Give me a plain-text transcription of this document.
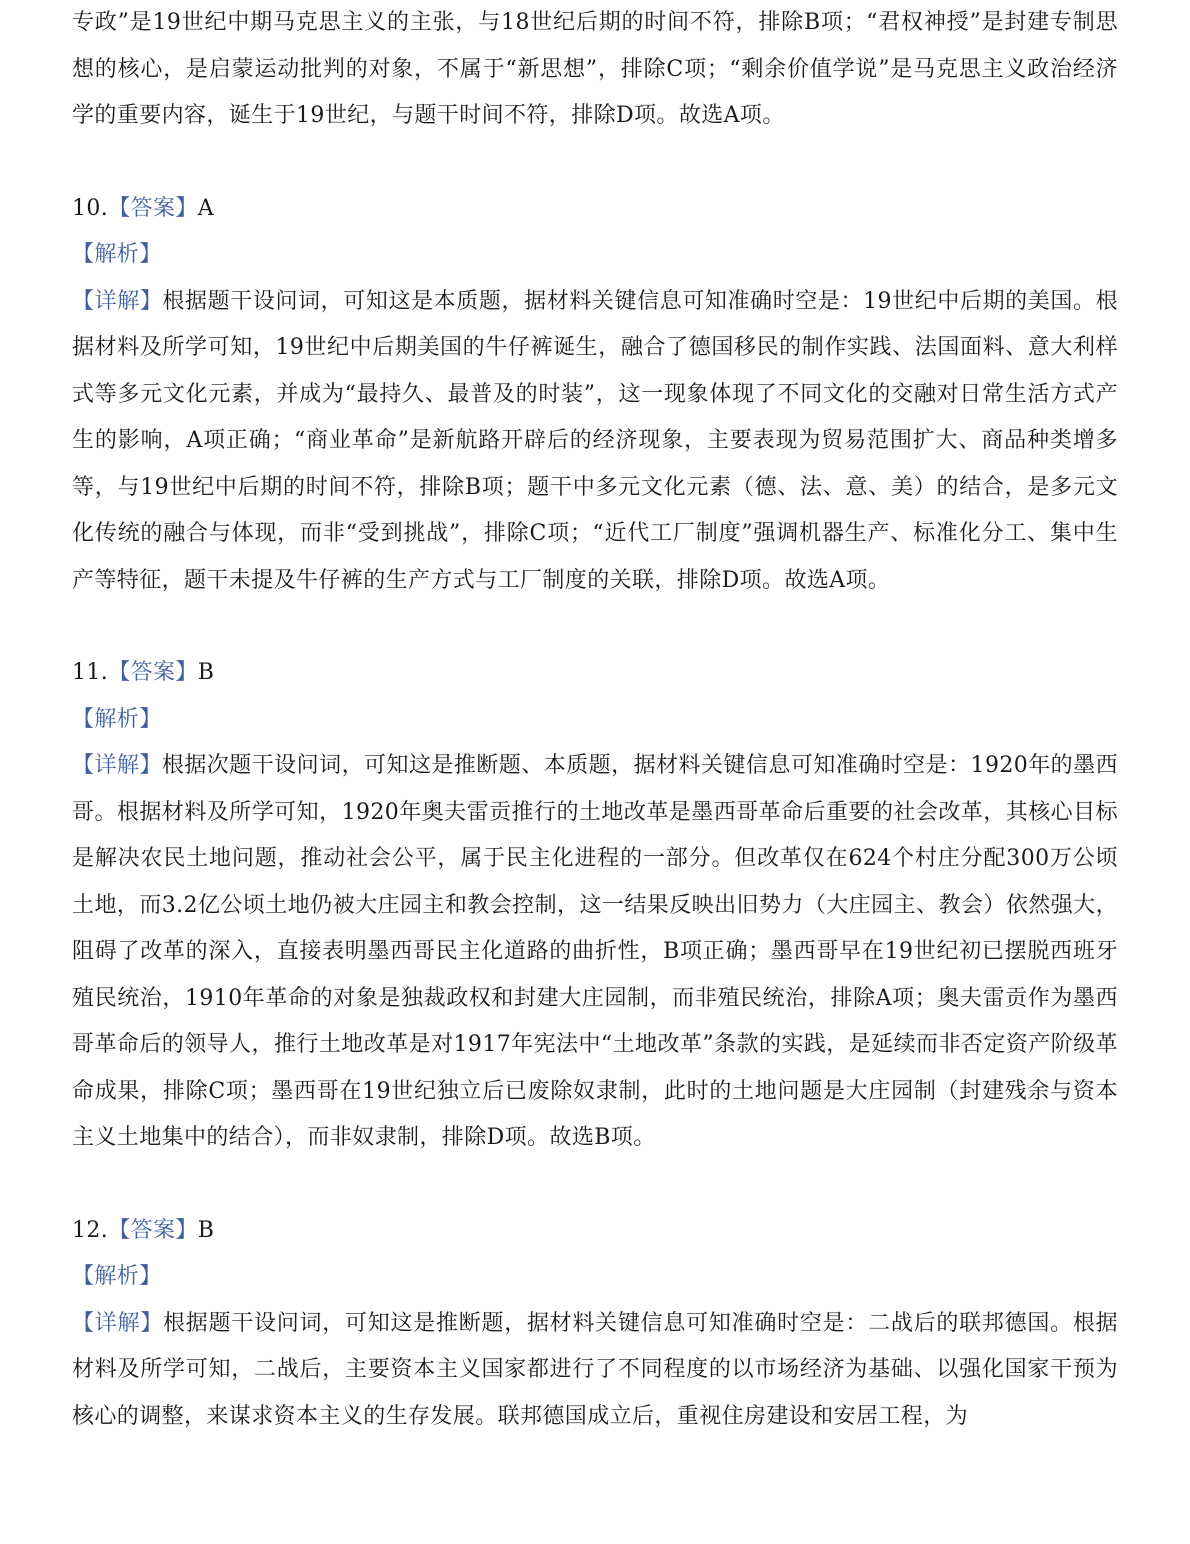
专政”是19世纪中期马克思主义的主张，与18世纪后期的时间不符，排除B项；“君权神授”是封建专制思想的核心，是启蒙运动批判的对象，不属于“新思想”，排除C项；“剩余价值学说”是马克思主义政治经济学的重要内容，诞生于19世纪，与题干时间不符，排除D项。故选A项。

10.【答案】A

【解析】

【详解】根据题干设问词，可知这是本质题，据材料关键信息可知准确时空是：19世纪中后期的美国。根据材料及所学可知，19世纪中后期美国的牛仔裤诞生，融合了德国移民的制作实践、法国面料、意大利样式等多元文化元素，并成为“最持久、最普及的时装”，这一现象体现了不同文化的交融对日常生活方式产生的影响，A项正确；“商业革命”是新航路开辟后的经济现象，主要表现为贸易范围扩大、商品种类增多等，与19世纪中后期的时间不符，排除B项；题干中多元文化元素（德、法、意、美）的结合，是多元文化传统的融合与体现，而非“受到挑战”，排除C项；“近代工厂制度”强调机器生产、标准化分工、集中生产等特征，题干未提及牛仔裤的生产方式与工厂制度的关联，排除D项。故选A项。

11.【答案】B

【解析】

【详解】根据次题干设问词，可知这是推断题、本质题，据材料关键信息可知准确时空是：1920年的墨西哥。根据材料及所学可知，1920年奥夫雷贡推行的土地改革是墨西哥革命后重要的社会改革，其核心目标是解决农民土地问题，推动社会公平，属于民主化进程的一部分。但改革仅在624个村庄分配300万公顷土地，而3.2亿公顷土地仍被大庄园主和教会控制，这一结果反映出旧势力（大庄园主、教会）依然强大，阻碍了改革的深入，直接表明墨西哥民主化道路的曲折性，B项正确；墨西哥早在19世纪初已摆脱西班牙殖民统治，1910年革命的对象是独裁政权和封建大庄园制，而非殖民统治，排除A项；奥夫雷贡作为墨西哥革命后的领导人，推行土地改革是对1917年宪法中“土地改革”条款的实践，是延续而非否定资产阶级革命成果，排除C项；墨西哥在19世纪独立后已废除奴隶制，此时的土地问题是大庄园制（封建残余与资本主义土地集中的结合），而非奴隶制，排除D项。故选B项。

12.【答案】B

【解析】

【详解】根据题干设问词，可知这是推断题，据材料关键信息可知准确时空是：二战后的联邦德国。根据材料及所学可知，二战后，主要资本主义国家都进行了不同程度的以市场经济为基础、以强化国家干预为核心的调整，来谋求资本主义的生存发展。联邦德国成立后，重视住房建设和安居工程，为
